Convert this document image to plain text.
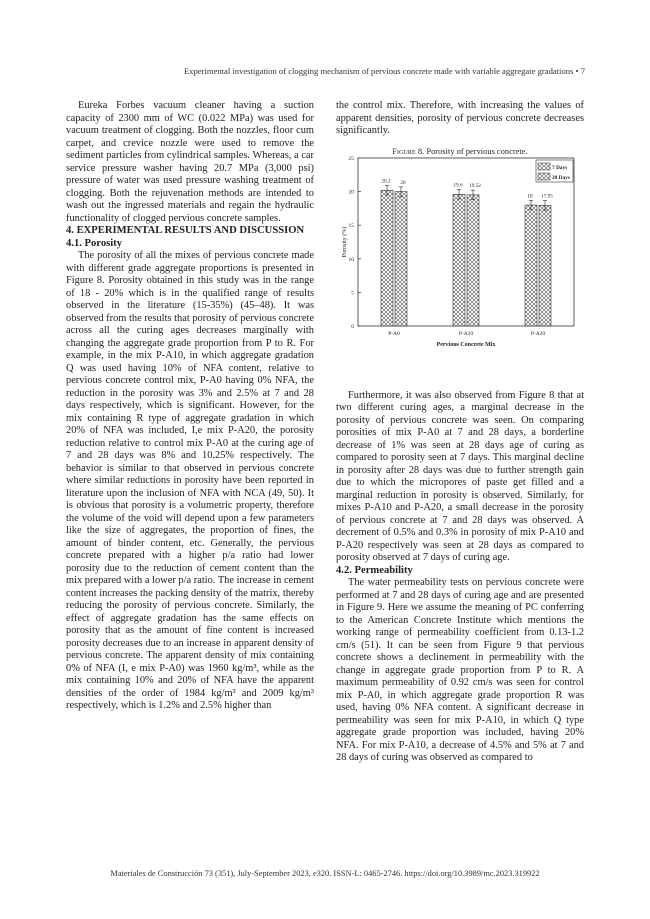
Experimental investigation of clogging mechanism of pervious concrete made with variable aggregate gradations • 7

Eureka Forbes vacuum cleaner having a suction capacity of 2300 mm of WC (0.022 MPa) was used for vacuum treatment of clogging. Both the nozzles, floor cum carpet, and crevice nozzle were used to remove the sediment particles from cylindrical samples. Whereas, a car service pressure washer having 20.7 MPa (3,000 psi) pressure of water was used pressure washing treatment of clogging. Both the rejuvenation methods are intended to wash out the ingressed materials and regain the hydraulic functionality of clogged pervious concrete samples.

4. EXPERIMENTAL RESULTS AND DISCUSSION

4.1. Porosity

The porosity of all the mixes of pervious concrete made with different grade aggregate proportions is presented in Figure 8. Porosity obtained in this study was in the range of 18 - 20% which is in the qualified range of results observed in the literature (15-35%) (45–48). It was observed from the results that porosity of pervious concrete across all the curing ages decreases marginally with changing the aggregate grade proportion from P to R. For example, in the mix P-A10, in which aggregate gradation Q was used having 10% of NFA content, relative to pervious concrete control mix, P-A0 having 0% NFA, the reduction in the porosity was 3% and 2.5% at 7 and 28 days respectively, which is significant. However, for the mix containing R type of aggregate gradation in which 20% of NFA was included, I,e mix P-A20, the porosity reduction relative to control mix P-A0 at the curing age of 7 and 28 days was 8% and 10.25% respectively. The behavior is similar to that observed in pervious concrete where similar reductions in porosity have been reported in literature upon the inclusion of NFA with NCA (49, 50). It is obvious that porosity is a volumetric property, therefore the volume of the void will depend upon a few parameters like the size of aggregates, the proportion of fines, the amount of binder content, etc. Generally, the pervious concrete prepared with a higher p/a ratio had lower porosity due to the reduction of cement content than the mix prepared with a lower p/a ratio. The increase in cement content increases the packing density of the matrix, thereby reducing the porosity of pervious concrete. Similarly, the effect of aggregate gradation has the same effects on porosity that as the amount of fine content is increased porosity decreases due to an increase in apparent density of pervious concrete. The apparent density of mix containing 0% of NFA (I, e mix P-A0) was 1960 kg/m³, while as the mix containing 10% and 20% of NFA have the apparent densities of the order of 1984 kg/m³ and 2009 kg/m³ respectively, which is 1.2% and 2.5% higher than

the control mix. Therefore, with increasing the values of apparent densities, porosity of pervious concrete decreases significantly.

0
5
10
15
20
25
Porosity (%)
20.2 20
P-A0
19.6 19.52
P-A10
18 17.95
P-A20
Pervious Concrete Mix
7 Days
28 Days
Figure 8. Porosity of pervious concrete.

Furthermore, it was also observed from Figure 8 that at two different curing ages, a marginal decrease in the porosity of pervious concrete was seen. On comparing porosities of mix P-A0 at 7 and 28 days, a borderline decrease of 1% was seen at 28 days age of curing as compared to porosity seen at 7 days. This marginal decline in porosity after 28 days was due to further strength gain due to which the micropores of paste get filled and a marginal reduction in porosity is observed. Similarly, for mixes P-A10 and P-A20, a small decrease in the porosity of pervious concrete at 7 and 28 days was observed. A decrement of 0.5% and 0.3% in porosity of mix P-A10 and P-A20 respectively was seen at 28 days as compared to porosity observed at 7 days of curing age.

4.2. Permeability

The water permeability tests on pervious concrete were performed at 7 and 28 days of curing age and are presented in Figure 9. Here we assume the meaning of PC conferring to the American Concrete Institute which mentions the working range of permeability coefficient from 0.13-1.2 cm/s (51). It can be seen from Figure 9 that pervious concrete shows a declinement in permeability with the change in aggregate grade proportion from P to R. A maximum permeability of 0.92 cm/s was seen for control mix P-A0, in which aggregate grade proportion R was used, having 0% NFA content. A significant decrease in permeability was seen for mix P-A10, in which Q type aggregate grade proportion was included, having 20% NFA. For mix P-A10, a decrease of 4.5% and 5% at 7 and 28 days of curing was observed as compared to

Materiales de Construcción 73 (351), July-September 2023, e320. ISSN-L: 0465-2746. https://doi.org/10.3989/mc.2023.319922
